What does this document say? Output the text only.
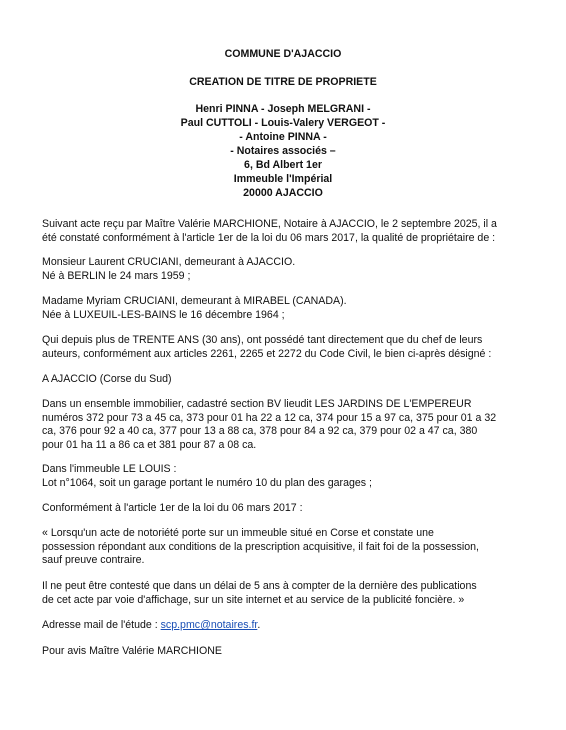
COMMUNE D'AJACCIO
CREATION DE TITRE DE PROPRIETE
Henri PINNA - Joseph MELGRANI -
Paul CUTTOLI - Louis-Valery VERGEOT -
- Antoine PINNA -
- Notaires associés –
6, Bd Albert 1er
Immeuble l'Impérial
20000 AJACCIO

Suivant acte reçu par Maître Valérie MARCHIONE, Notaire à AJACCIO, le 2 septembre 2025, il a

été constaté conformément à l'article 1er de la loi du 06 mars 2017, la qualité de propriétaire de :

Monsieur Laurent CRUCIANI, demeurant à AJACCIO.

Né à BERLIN le 24 mars 1959 ;

Madame Myriam CRUCIANI, demeurant à MIRABEL (CANADA).

Née à LUXEUIL-LES-BAINS le 16 décembre 1964 ;

Qui depuis plus de TRENTE ANS (30 ans), ont possédé tant directement que du chef de leurs

auteurs, conformément aux articles 2261, 2265 et 2272 du Code Civil, le bien ci-après désigné :

A AJACCIO (Corse du Sud)

Dans un ensemble immobilier, cadastré section BV lieudit LES JARDINS DE L'EMPEREUR

numéros 372 pour 73 a 45 ca, 373 pour 01 ha 22 a 12 ca, 374 pour 15 a 97 ca, 375 pour 01 a 32

ca, 376 pour 92 a 40 ca, 377 pour 13 a 88 ca, 378 pour 84 a 92 ca, 379 pour 02 a 47 ca, 380

pour 01 ha 11 a 86 ca et 381 pour 87 a 08 ca.

Dans l'immeuble LE LOUIS :

Lot n°1064, soit un garage portant le numéro 10 du plan des garages ;

Conformément à l'article 1er de la loi du 06 mars 2017 :

« Lorsqu'un acte de notoriété porte sur un immeuble situé en Corse et constate une

possession répondant aux conditions de la prescription acquisitive, il fait foi de la possession,

sauf preuve contraire.

Il ne peut être contesté que dans un délai de 5 ans à compter de la dernière des publications

de cet acte par voie d'affichage, sur un site internet et au service de la publicité foncière. »

Adresse mail de l'étude : scp.pmc@notaires.fr.
Pour avis Maître Valérie MARCHIONE
